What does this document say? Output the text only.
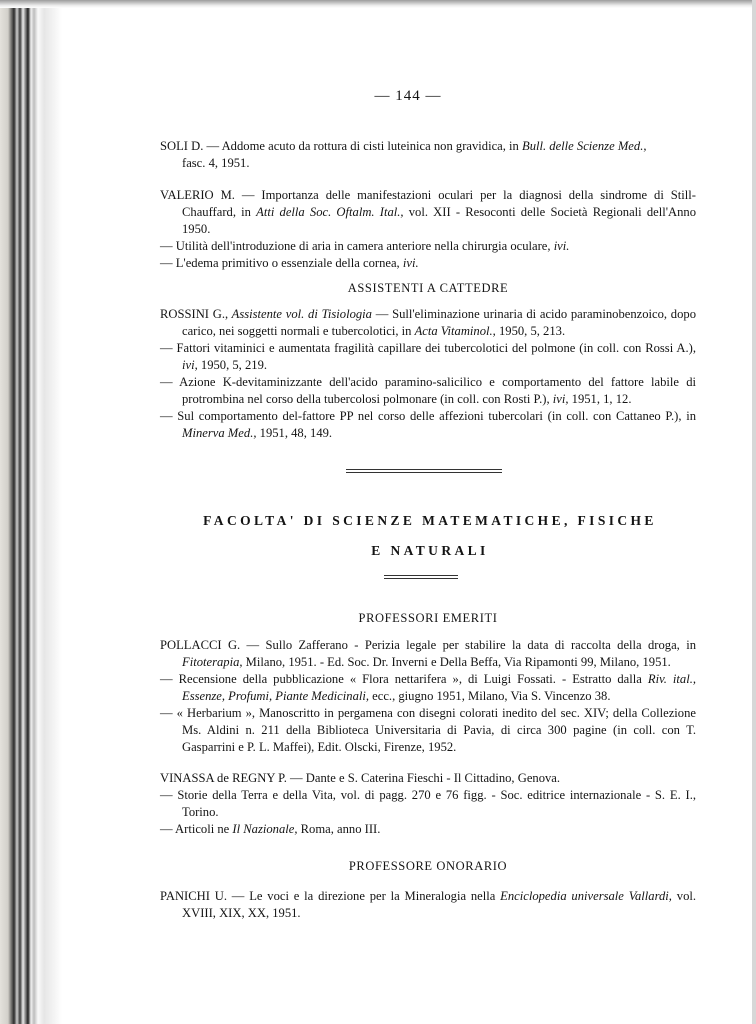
— 144 —

SOLI D. — Addome acuto da rottura di cisti luteinica non gravidica, in Bull. delle Scienze Med.,
fasc. 4, 1951.

VALERIO M. — Importanza delle manifestazioni oculari per la diagnosi della sindrome di Still-Chauffard, in Atti della Soc. Oftalm. Ital., vol. XII - Resoconti delle Società Regionali dell'Anno 1950.

— Utilità dell'introduzione di aria in camera anteriore nella chirurgia oculare, ivi.

— L'edema primitivo o essenziale della cornea, ivi.

ASSISTENTI A CATTEDRE

ROSSINI G., Assistente vol. di Tisiologia — Sull'eliminazione urinaria di acido paraminobenzoico, dopo carico, nei soggetti normali e tubercolotici, in Acta Vitaminol., 1950, 5, 213.

— Fattori vitaminici e aumentata fragilità capillare dei tubercolotici del polmone (in coll. con Rossi A.), ivi, 1950, 5, 219.

— Azione K-devitaminizzante dell'acido paramino-salicilico e comportamento del fattore labile di protrombina nel corso della tubercolosi polmonare (in coll. con Rosti P.), ivi, 1951, 1, 12.

— Sul comportamento del-fattore PP nel corso delle affezioni tubercolari (in coll. con Cattaneo P.), in Minerva Med., 1951, 48, 149.

FACOLTA' DI SCIENZE MATEMATICHE, FISICHE
E NATURALI
PROFESSORI EMERITI

POLLACCI G. — Sullo Zafferano - Perizia legale per stabilire la data di raccolta della droga, in Fitoterapia, Milano, 1951. - Ed. Soc. Dr. Inverni e Della Beffa, Via Ripamonti 99, Milano, 1951.

— Recensione della pubblicazione « Flora nettarifera », di Luigi Fossati. - Estratto dalla Riv. ital., Essenze, Profumi, Piante Medicinali, ecc., giugno 1951, Milano, Via S. Vincenzo 38.

— « Herbarium », Manoscritto in pergamena con disegni colorati inedito del sec. XIV; della Collezione Ms. Aldini n. 211 della Biblioteca Universitaria di Pavia, di circa 300 pagine (in coll. con T. Gasparrini e P. L. Maffei), Edit. Olscki, Firenze, 1952.

VINASSA de REGNY P. — Dante e S. Caterina Fieschi - Il Cittadino, Genova.

— Storie della Terra e della Vita, vol. di pagg. 270 e 76 figg. - Soc. editrice internazionale - S. E. I., Torino.

— Articoli ne Il Nazionale, Roma, anno III.

PROFESSORE ONORARIO

PANICHI U. — Le voci e la direzione per la Mineralogia nella Enciclopedia universale Vallardi, vol. XVIII, XIX, XX, 1951.
